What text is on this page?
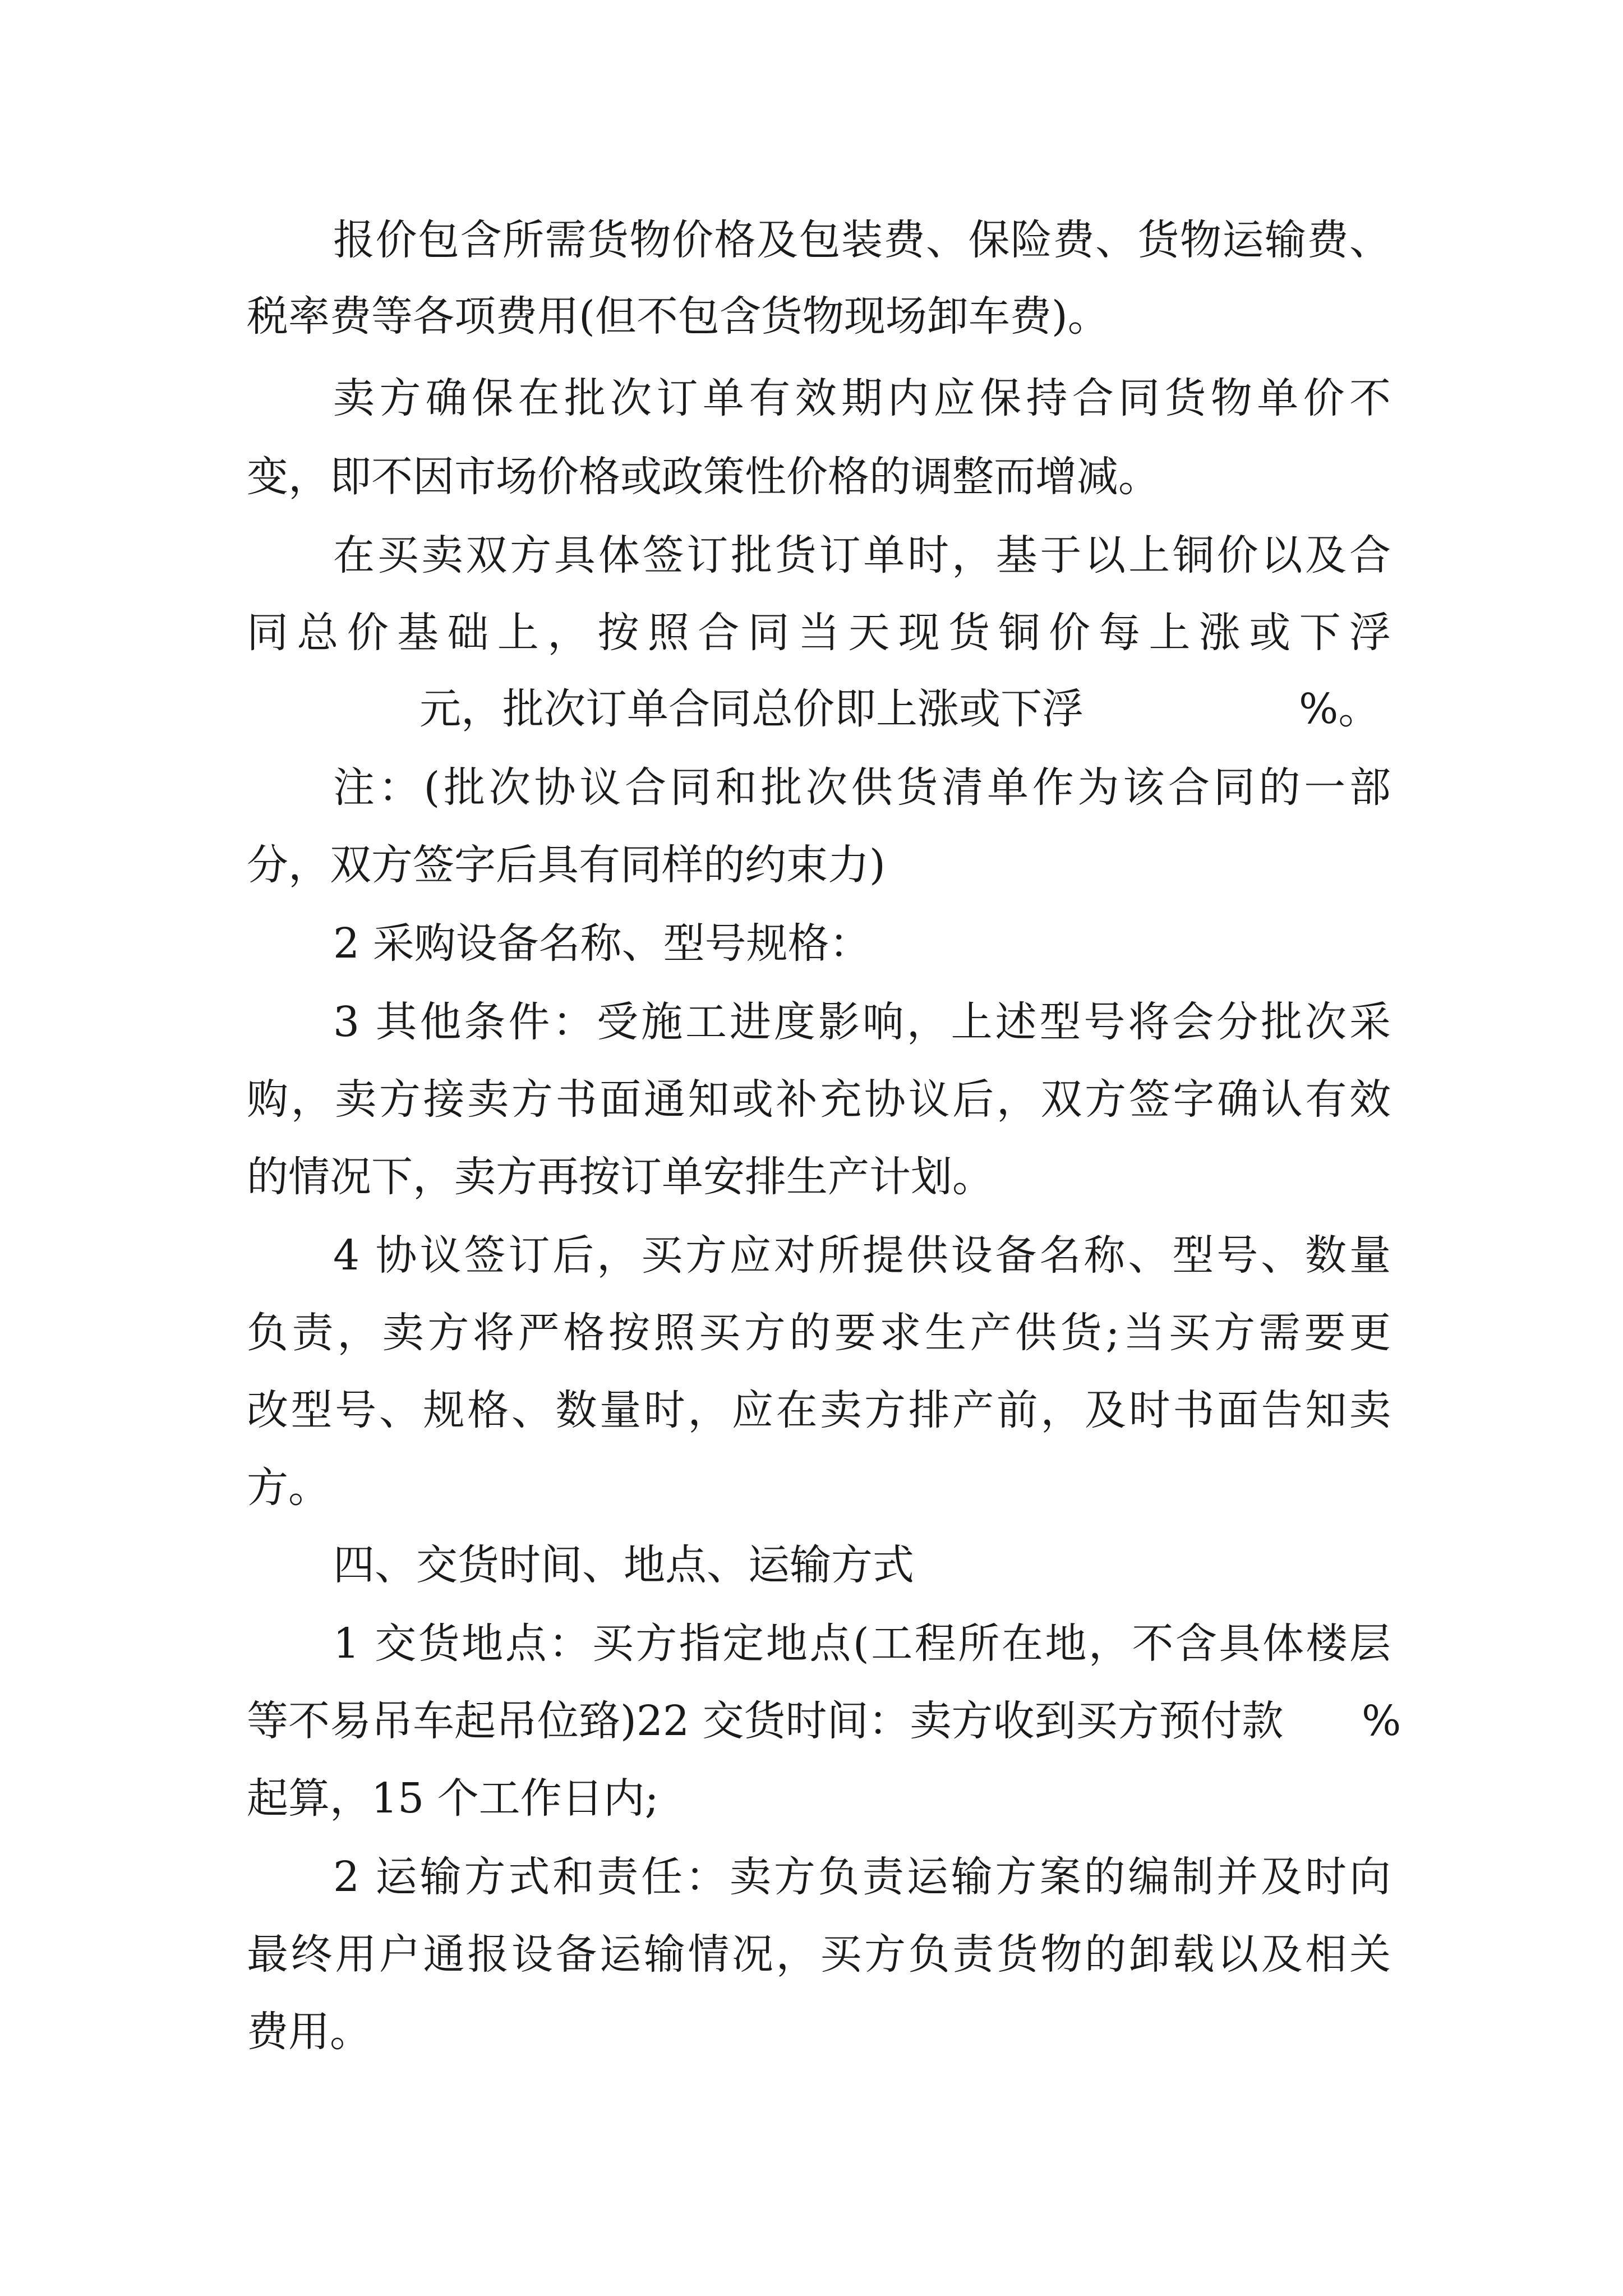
报价包含所需货物价格及包装费、保险费、货物运输费、
税率费等各项费用(但不包含货物现场卸车费)。
卖方确保在批次订单有效期内应保持合同货物单价不
变，即不因市场价格或政策性价格的调整而增减。
在买卖双方具体签订批货订单时，基于以上铜价以及合
同总价基础上，按照合同当天现货铜价每上涨或下浮
元，批次订单合同总价即上涨或下浮	%。
注：(批次协议合同和批次供货清单作为该合同的一部
分，双方签字后具有同样的约束力)
2 采购设备名称、型号规格：
3 其他条件：受施工进度影响，上述型号将会分批次采
购，卖方接卖方书面通知或补充协议后，双方签字确认有效
的情况下，卖方再按订单安排生产计划。
4 协议签订后，买方应对所提供设备名称、型号、数量
负责，卖方将严格按照买方的要求生产供货;当买方需要更
改型号、规格、数量时，应在卖方排产前，及时书面告知卖
方。
四、交货时间、地点、运输方式
1 交货地点：买方指定地点(工程所在地，不含具体楼层
等不易吊车起吊位臵)22 交货时间：卖方收到买方预付款 %
起算，15 个工作日内;
2 运输方式和责任：卖方负责运输方案的编制并及时向
最终用户通报设备运输情况，买方负责货物的卸载以及相关
费用。
